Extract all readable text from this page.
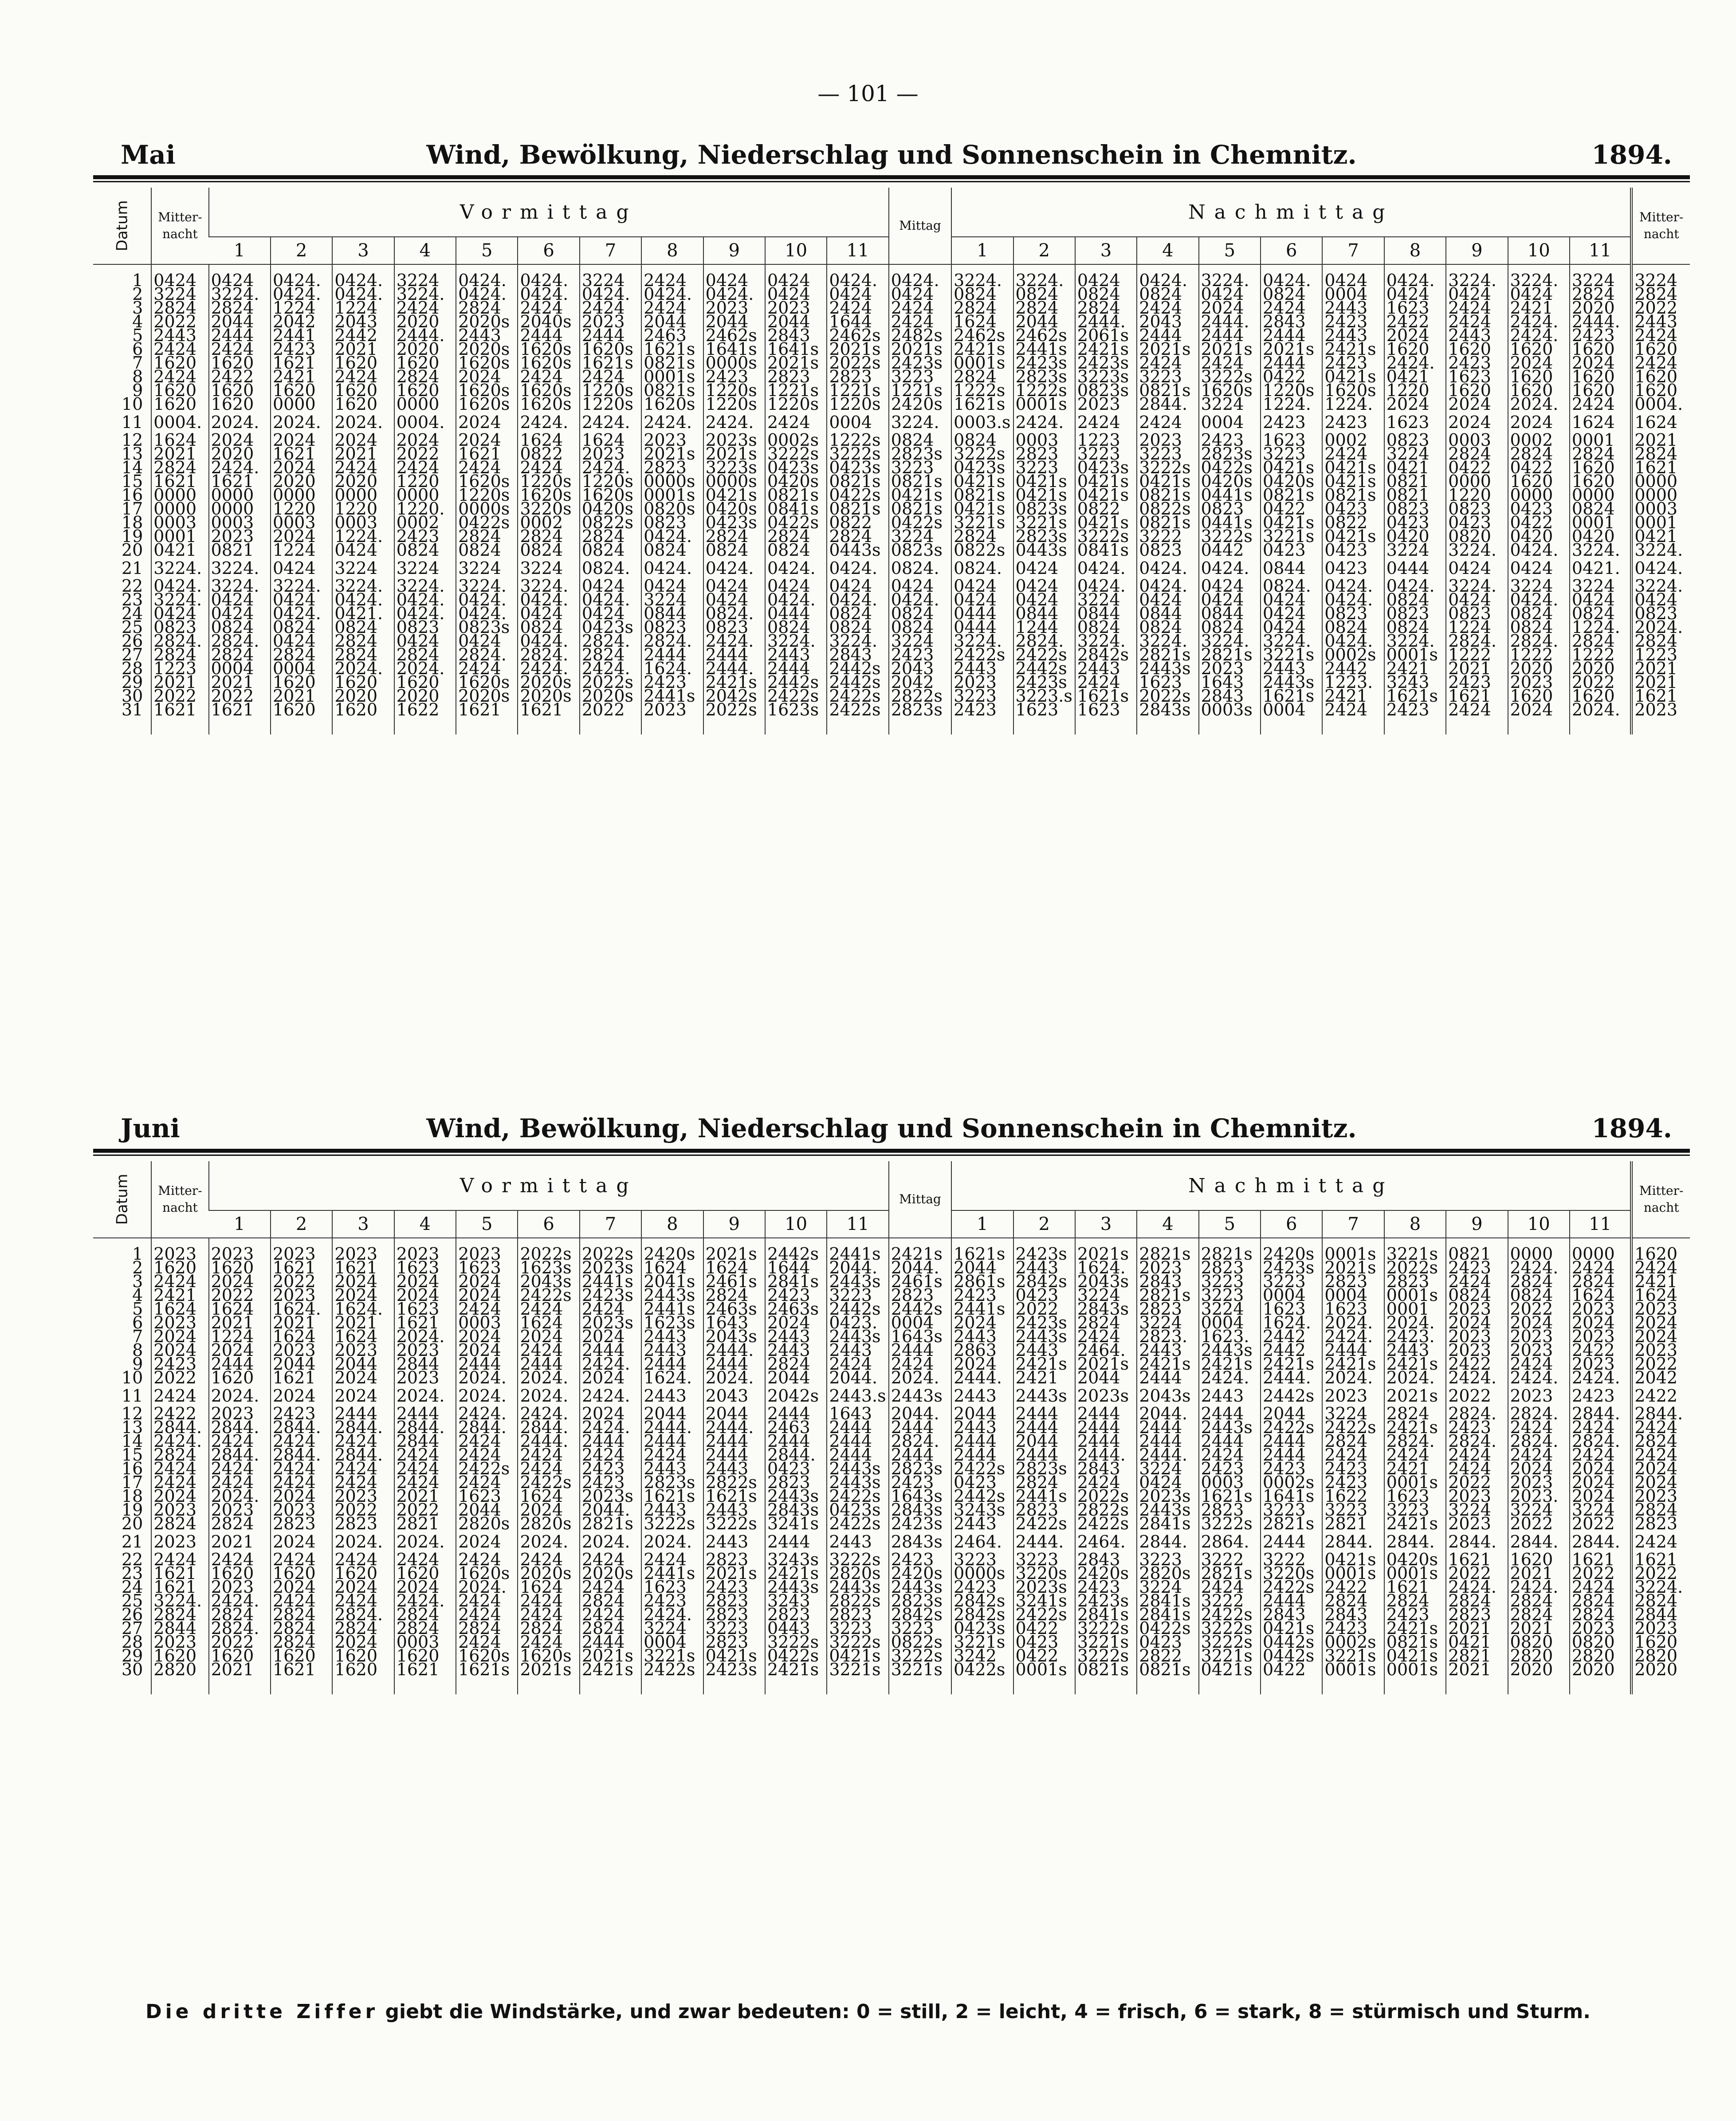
— 101 —
Mai	Wind, Bewölkung, Niederschlag und Sonnenschein in Chemnitz.	1894.
Datum	Mitter-
nacht	Vormittag											Mittag	Nachmittag											Mitter-
nacht
		1	2	3	4	5	6	7	8	9	10	11		1	2	3	4	5	6	7	8	9	10	11	
1	0424	0424	0424.	0424.	3224	0424.	0424.	3224	2424	0424	0424	0424.	0424.	3224.	3224.	0424	0424.	3224.	0424.	0424	0424.	3224.	3224.	3224	3224
2	3224	3224.	0424.	0424.	3224.	0424.	0424.	0424.	0424.	0424.	0424	0424	0424	0824	0824	0824	0824	0424	0824	0004	0424	0424	0424	2824	2824
3	2824	2824	1224	1224	2424	2824	2424	2424	2424	2023	2023	2424	2424	2824	2824	2824	2424	2024	2424	2443	1623	2424	2421	2020	2022
4	2022	2044	2042	2043	2020	2020s	2040s	2023	2044	2044	2044	1644	2424	1624	2044	2444.	2043	2444.	2843	2423	2422	2424	2424.	2444.	2443
5	2443	2444	2441	2442	2444.	2443	2444	2444	2463	2462s	2843	2462s	2482s	2462s	2462s	2061s	2444	2444	2444	2443	2024	2443	2424.	2423	2424
6	2424	2424	2423	2021	2020	2020s	1620s	1620s	1621s	1641s	1641s	2021s	2021s	2421s	2441s	2421s	2021s	2021s	2021s	2421s	1620	1620	1620	1620	1620
7	1620	1620	1621	1620	1620	1620s	1620s	1621s	0821s	0000s	2021s	2022s	2423s	0001s	2423s	2423s	2424	2424	2444	2423	2424.	2423	2024	2024	2424
8	2424	2422	2421	2424	2824	2024	2424	2424	0001s	2423	2823	2823	3223	2824	2823s	3223s	3223	3222s	0422	0421s	0421	1623	1620	1620	1620
9	1620	1620	1620	1620	1620	1620s	1620s	1220s	0821s	1220s	1221s	1221s	1221s	1222s	1222s	0823s	0821s	1620s	1220s	1620s	1220	1620	1620	1620	1620
10	1620	1620	0000	1620	0000	1620s	1620s	1220s	1620s	1220s	1220s	1220s	2420s	1621s	0001s	2023	2844.	3224	1224.	1224.	2024	2024	2024.	2424	0004.
11	0004.	2024.	2024.	2024.	0004.	2024	2424.	2424.	2424.	2424.	2424	0004	3224.	0003.s	2424.	2424	2424	0004	2423	2423	1623	2024	2024	1624	1624
12	1624	2024	2024	2024	2024	2024	1624	1624	2023	2023s	0002s	1222s	0824	0824	0003	1223	2023	2423	1623	0002	0823	0003	0002	0001	2021
13	2021	2020	1621	2021	2022	1621	0822	2023	2021s	2021s	3222s	3222s	2823s	3222s	2823	3223	3223	2823s	3223	2424	3224	2824	2824	2824	2824
14	2824	2424.	2024	2424	2424	2424	2424	2424.	2823	3223s	0423s	0423s	3223	0423s	3223	0423s	3222s	0422s	0421s	0421s	0421	0422	0422	1620	1621
15	1621	1621	2020	2020	1220	1620s	1220s	1220s	0000s	0000s	0420s	0821s	0821s	0421s	0421s	0421s	0421s	0420s	0420s	0421s	0821	0000	1620	1620	0000
16	0000	0000	0000	0000	0000	1220s	1620s	1620s	0001s	0421s	0821s	0422s	0421s	0821s	0421s	0421s	0821s	0441s	0821s	0821s	0821	1220	0000	0000	0000
17	0000	0000	1220	1220	1220.	0000s	3220s	0420s	0820s	0420s	0841s	0821s	0821s	0421s	0823s	0822	0822s	0823	0422	0423	0823	0823	0423	0824	0003
18	0003	0003	0003	0003	0002	0422s	0002	0822s	0823	0423s	0422s	0822	0422s	3221s	3221s	0421s	0821s	0441s	0421s	0822	0423	0423	0422	0001	0001
19	0001	2023	2024	1224.	2423	2824	2824	2824	0424.	2824	2824	2824	3224	2824	2823s	3222s	3222	3222s	3221s	0421s	0420	0820	0420	0420	0421
20	0421	0821	1224	0424	0824	0824	0824	0824	0824	0824	0824	0443s	0823s	0822s	0443s	0841s	0823	0442	0423	0423	3224	3224.	0424.	3224.	3224.
21	3224.	3224.	0424	3224	3224	3224	3224	0824.	0424.	0424.	0424.	0424.	0824.	0824.	0424	0424.	0424.	0424.	0844	0423	0444	0424	0424	0421.	0424.
22	0424.	3224.	3224.	3224.	3224.	3224.	3224.	0424	0424	0424	0424	0424	0424	0424	0424	0424.	0424.	0424	0824.	0424.	0424.	3224.	3224	3224	3224.
23	3224.	0424	0424	0424.	0424.	0424.	0424.	0424.	3224	0424	0424.	0424.	0424.	0424	0424	3224	0424	0424	0424	0424.	0824	0424	0424.	0424	0424
24	0424	0424	0424.	0421.	0424.	0424.	0424	0424	0844	0824.	0444	0824	0824	0444	0844	0844	0844	0844	0424	0823	0823	0823	0824	0824	0823
25	0823	0824	0824	0824	0823	0823s	0824	0423s	0823	0823	0824	0824	0824	0444	1244	0824	0824	0824	0424	0824	0824	1224	0824	1224.	2024.
26	2824.	2824.	0424	2824	0424	0424	0424.	2824.	2824.	2424.	3224.	3224.	3224	3224.	2824.	3224.	3224.	3224.	3224.	0424.	3224.	2824.	2824.	2824	2824
27	2824	2824	2824	2824	2824	2824.	2824.	2824	2444	2444	2443	2843	2423	2422s	2422s	2842s	2821s	2821s	3221s	0002s	0001s	1222	1222	1222	1223
28	1223	0004	0004	2024.	2024.	2424	2424.	2424.	1624.	2444.	2444	2442s	2043	2443	2442s	2443	2443s	2023	2443	2442	2421	2021	2020	2020	2021
29	2021	2021	1620	1620	1620	1620s	2020s	2022s	2423	2421s	2442s	2442s	2042	2023	2423s	2424	1623	1643	2443s	1223.	3243	2423	2023	2022	2021
30	2022	2022	2021	2020	2020	2020s	2020s	2020s	2441s	2042s	2422s	2422s	2822s	3223	3223.s	1621s	2022s	2843	1621s	2421	1621s	1621	1620	1620	1621
31	1621	1621	1620	1620	1622	1621	1621	2022	2023	2022s	1623s	2422s	2823s	2423	1623	1623	2843s	0003s	0004	2424	2423	2424	2024	2024.	2023
Juni	Wind, Bewölkung, Niederschlag und Sonnenschein in Chemnitz.	1894.
Datum	Mitter-
nacht	Vormittag											Mittag	Nachmittag											Mitter-
nacht
		1	2	3	4	5	6	7	8	9	10	11		1	2	3	4	5	6	7	8	9	10	11	
1	2023	2023	2023	2023	2023	2023	2022s	2022s	2420s	2021s	2442s	2441s	2421s	1621s	2423s	2021s	2821s	2821s	2420s	0001s	3221s	0821	0000	0000	1620
2	1620	1620	1621	1621	1623	1623	1623s	2023s	1624	1624	1644	2044.	2044.	2044	2443	1624.	2023	2823	2423s	2021s	2022s	2423	2424.	2424	2424
3	2424	2024	2022	2024	2024	2024	2043s	2441s	2041s	2461s	2841s	2443s	2461s	2861s	2842s	2043s	2843	3223	3223	2823	2823	2424	2824	2824	2421
4	2421	2022	2023	2024	2024	2024	2422s	2423s	2443s	2824	2423	3223	2823	2423	0423	3224	2821s	3223	0004	0004	0001s	0824	0824	1624	1624
5	1624	1624	1624.	1624.	1623	2424	2424	2424	2441s	2463s	2463s	2442s	2442s	2441s	2022	2843s	2823	3224	1623	1623	0001	2023	2022	2023	2023
6	2023	2021	2021	2021	1621	0003	1624	2023s	1623s	1643	2024	0423.	0004	2024	2423s	2824	3224	0004	1624.	2024.	2024.	2024	2024	2024	2024
7	2024	1224	1624	1624	2024.	2024	2024	2024	2443	2043s	2443	2443s	1643s	2443	2443s	2424	2823.	1623.	2442	2424.	2423.	2023	2023	2023	2024
8	2024	2024	2023	2023	2023	2024	2424	2444	2443	2444.	2443	2443	2444	2863	2443	2464.	2443	2443s	2442	2444	2443	2023	2023	2422	2023
9	2423	2444	2044	2044	2844	2444	2444	2424.	2444	2444	2824	2424	2424	2024	2421s	2021s	2421s	2421s	2421s	2421s	2421s	2422	2424	2023	2022
10	2022	1620	1621	2024	2023	2024.	2024.	2024	1624.	2024.	2044	2044.	2024.	2444.	2421	2044	2444	2424.	2444.	2024.	2024.	2424.	2424.	2424.	2042
11	2424	2024.	2024	2024	2024.	2024.	2024.	2424.	2443	2043	2042s	2443.s	2443s	2443	2443s	2023s	2043s	2443	2442s	2023	2021s	2022	2023	2423	2422
12	2422	2023	2423	2444	2444	2424.	2424.	2024	2044	2044	2444	1643	2044.	2044	2444	2444	2044.	2444	2044	3224	2824	2824.	2824.	2844.	2844.
13	2844.	2844.	2844.	2844.	2844.	2844.	2844.	2424.	2444.	2444.	2463	2444	2444	2443	2444	2444	2444	2443s	2422s	2422s	2421s	2423	2424	2424	2424
14	2424.	2424	2424	2424	2844	2424	2444.	2444	2444	2444	2444	2444	2824.	2444	2044	2444	2444	2444	2444	2824	2824.	2824.	2824.	2824.	2824
15	2824	2844.	2844.	2844.	2424	2424	2424	2424	2424	2444	2844.	2444	2444	2444	2444	2444.	2444.	2424	2444	2424	2424	2424	2424	2424	2424
16	2424	2424	2424	2424	2424	2422s	2424	2423	2443	2443	0423	2443s	2823s	2422s	2823s	2843	3224	2423	2423	2423	2421	2424	2024	2024	2024
17	2424	2424	2424	2424	2424	2424	2422s	2423	2823s	2822s	2823	2443s	2423	0423	2824	2424	0424	0003	0002s	2423	0001s	2022	2023	2024	2024
18	2024	2024.	2024	2023	2021	1623	1624	2023s	1621s	1621s	2443s	2422s	1643s	2442s	2441s	2022s	2023s	1621s	1641s	1622	1623	2023	2023.	2024	2023
19	2023	2023	2023	2022	2022	2044	2024	2044.	2443	2443	2843s	0423s	2843s	3243s	2823	2822s	2443s	2823	3223	3223	3223	3224	3224	3224	2824
20	2824	2824	2823	2823	2821	2820s	2820s	2821s	3222s	3222s	3241s	2422s	2423s	2443	2422s	2422s	2841s	3222s	2821s	2821	2421s	2023	2022	2022	2823
21	2023	2021	2024	2024.	2024.	2024	2024.	2024.	2024.	2443	2444	2443	2843s	2464.	2444.	2464.	2844.	2864.	2444	2844.	2844.	2844.	2844.	2844.	2424
22	2424	2424	2424	2424	2424	2424	2424	2424	2424	2823	3243s	3222s	2423	3223	3223	2843	3223	3222	3222	0421s	0420s	1621	1620	1621	1621
23	1621	1620	1620	1620	1620	1620s	2020s	2020s	2441s	2021s	2421s	2820s	2420s	0000s	3220s	2420s	2820s	2821s	3220s	0001s	0001s	2022	2021	2022	2022
24	1621	2023	2024	2024	2024	2024.	1624	2424	1623	2423	2443s	2443s	2443s	2423	2023s	2423	3224	2424	2422s	2422	1621	2424.	2424.	2424	3224.
25	3224.	2424.	2424	2424	2424.	2424	2424	2824	2423	2823	3243	2822s	2823s	2842s	3241s	2423s	2841s	3222	2444	2824	2824	2824	2824	2824	2824
26	2824	2824	2824	2824.	2824	2424	2424	2424	2424.	2823	2823	2823	2842s	2842s	2422s	2841s	2841s	2422s	2843	2843	2423	2823	2824	2824	2844
27	2844	2824.	2824	2824	2824	2824	2824	2824	3224	3223	0443	3223	3223	0423s	0422	3222s	0422s	3222s	0421s	2423	2421s	2021	2021	2023	2023
28	2023	2022	2824	2024	0003	2424	2424	2444	0004	2823	3222s	3222s	0822s	3221s	0423	3221s	0423	3222s	0442s	0002s	0821s	0421	0820	0820	1620
29	1620	1620	1620	1620	1620	1620s	1620s	2021s	3221s	0421s	0422s	0421s	3222s	3242	0422	3222s	2822	3221s	0442s	3221s	0421s	2821	2820	2820	2820
30	2820	2021	1621	1620	1621	1621s	2021s	2421s	2422s	2423s	2421s	3221s	3221s	0422s	0001s	0821s	0821s	0421s	0422	0001s	0001s	2021	2020	2020	2020
Die dritte Ziffer giebt die Windstärke, und zwar bedeuten: 0 = still, 2 = leicht, 4 = frisch, 6 = stark, 8 = stürmisch und Sturm.
